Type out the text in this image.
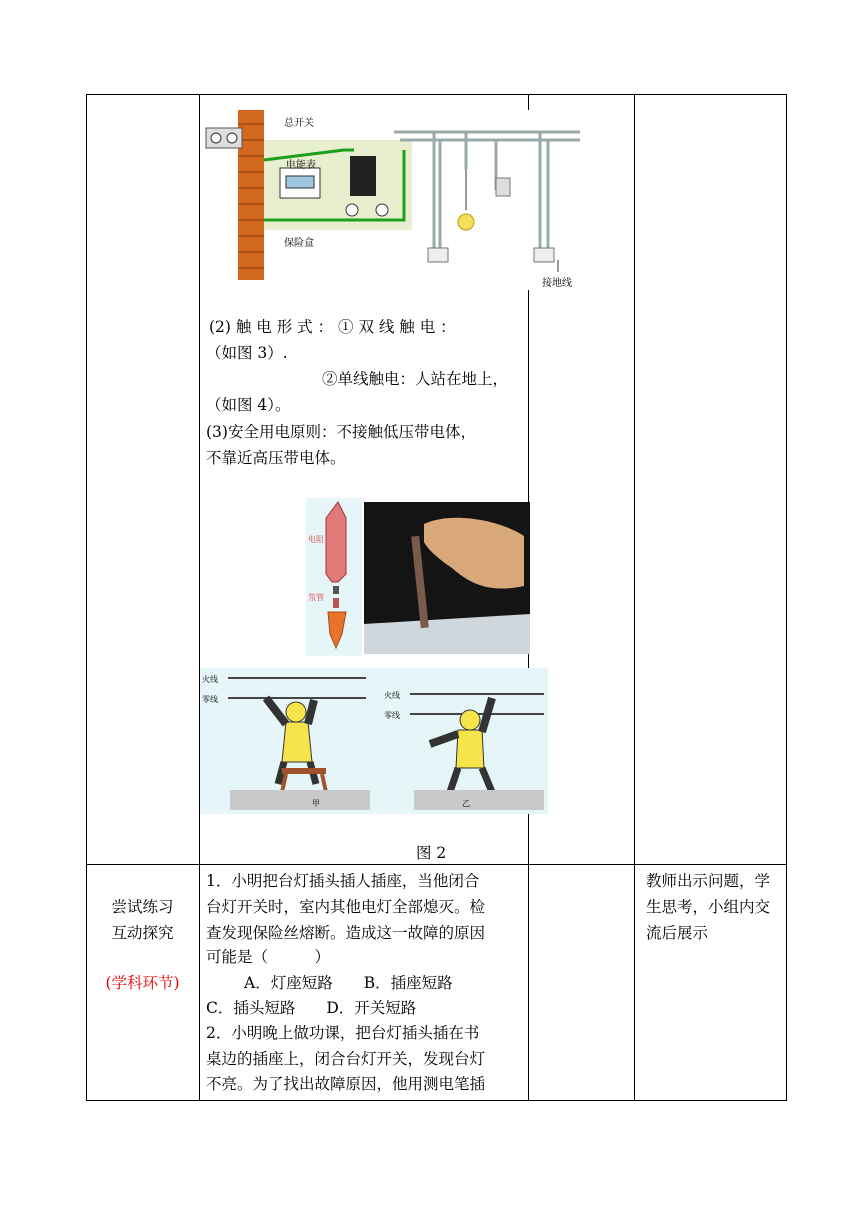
总开关
电能表
保险盒
接地线
(2) 触 电 形 式 ： ① 双 线 触 电 ：
（如图 3）.
②单线触电：人站在地上，
（如图 4）。
(3)安全用电原则：不接触低压带电体，
不靠近高压带电体。
电阻
氖管
火线
零线
甲
火线
零线
乙
图 2
尝试练习
互动探究
(学科环节)
1．小明把台灯插头插人插座，当他闭合
台灯开关时，室内其他电灯全部熄灭。检
查发现保险丝熔断。造成这一故障的原因
可能是（　　　）
A．灯座短路　　B．插座短路
C．插头短路　　D．开关短路
2．小明晚上做功课，把台灯插头插在书
桌边的插座上，闭合台灯开关，发现台灯
不亮。为了找出故障原因，他用测电笔插
教师出示问题，学
生思考，小组内交
流后展示
